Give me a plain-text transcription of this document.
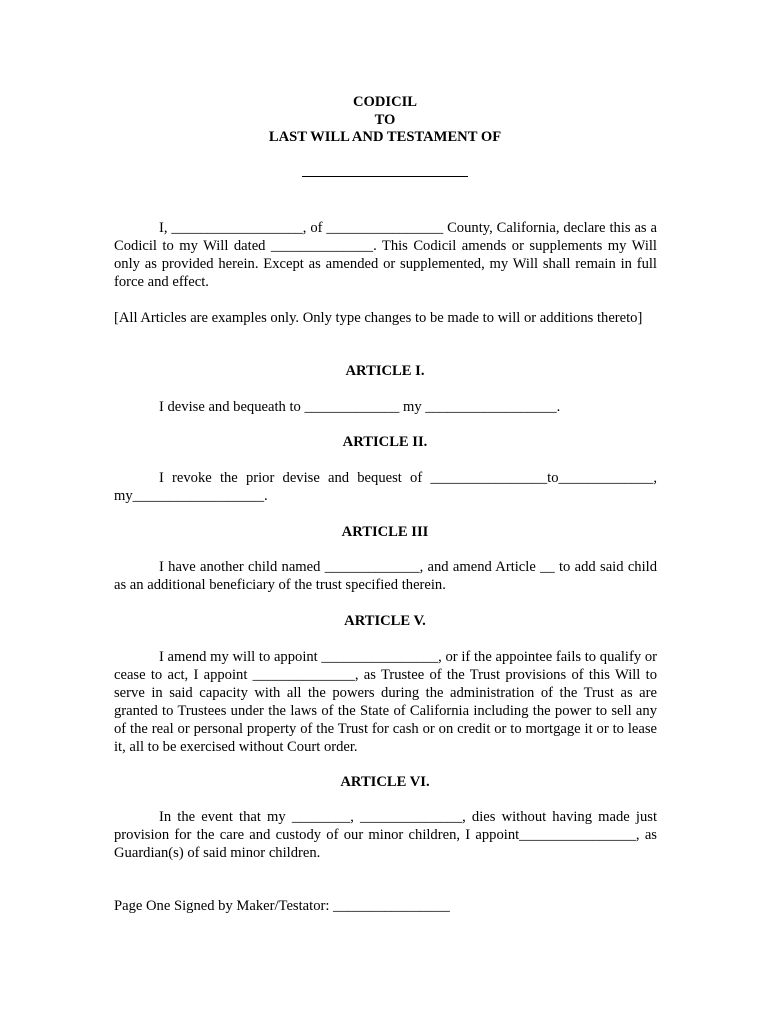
CODICIL
TO
LAST WILL AND TESTAMENT OF
I, __________________, of ________________ County, California, declare this as a Codicil to my Will dated ______________. This Codicil amends or supplements my Will only as provided herein. Except as amended or supplemented, my Will shall remain in full force and effect.
[All Articles are examples only. Only type changes to be made to will or additions thereto]
ARTICLE I.
I devise and bequeath to _____________ my __________________.
ARTICLE II.
I revoke the prior devise and bequest of ________________to_____________, my__________________.
ARTICLE III
I have another child named _____________, and amend Article __ to add said child as an additional beneficiary of the trust specified therein.
ARTICLE V.
I amend my will to appoint ________________, or if the appointee fails to qualify or cease to act, I appoint ______________, as Trustee of the Trust provisions of this Will to serve in said capacity with all the powers during the administration of the Trust as are granted to Trustees under the laws of the State of California including the power to sell any of the real or personal property of the Trust for cash or on credit or to mortgage it or to lease it, all to be exercised without Court order.
ARTICLE VI.
In the event that my ________, ______________, dies without having made just provision for the care and custody of our minor children, I appoint________________, as Guardian(s) of said minor children.
Page One Signed by Maker/Testator: ________________
